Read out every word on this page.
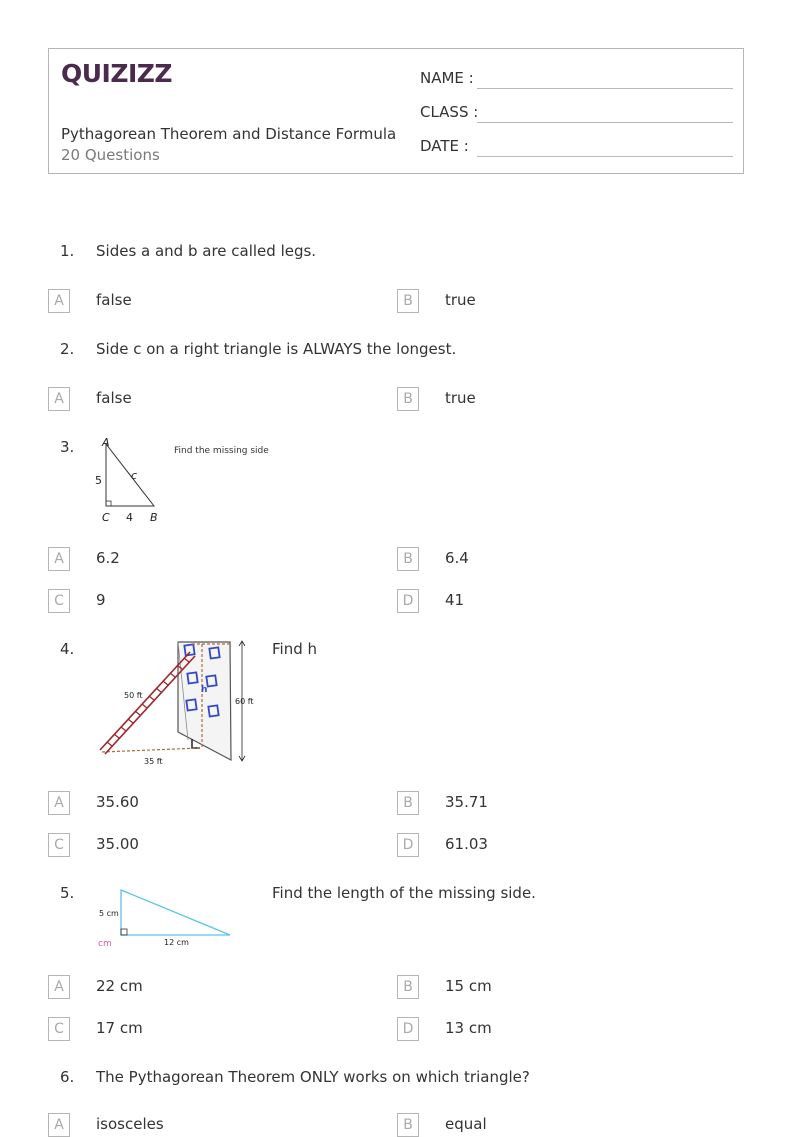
QUIZIZZ
Pythagorean Theorem and Distance Formula
20 Questions
NAME :
CLASS :
DATE :
1. Sides a and b are called legs.
A	false	B	true
2. Side c on a right triangle is ALWAYS the longest.
A	false	B	true
3.	A
5	c
C 4 B
Find the missing side
A	6.2	B	6.4
C	9	D	41
4.
60 ft
50 ft
35 ft
h
Find h
A	35.60	B	35.71
C	35.00	D	61.03
5.
5 cm
12 cm
cm
Find the length of the missing side.
A	22 cm	B	15 cm
C	17 cm	D	13 cm
6. The Pythagorean Theorem ONLY works on which triangle?
A	isosceles	B	equal
